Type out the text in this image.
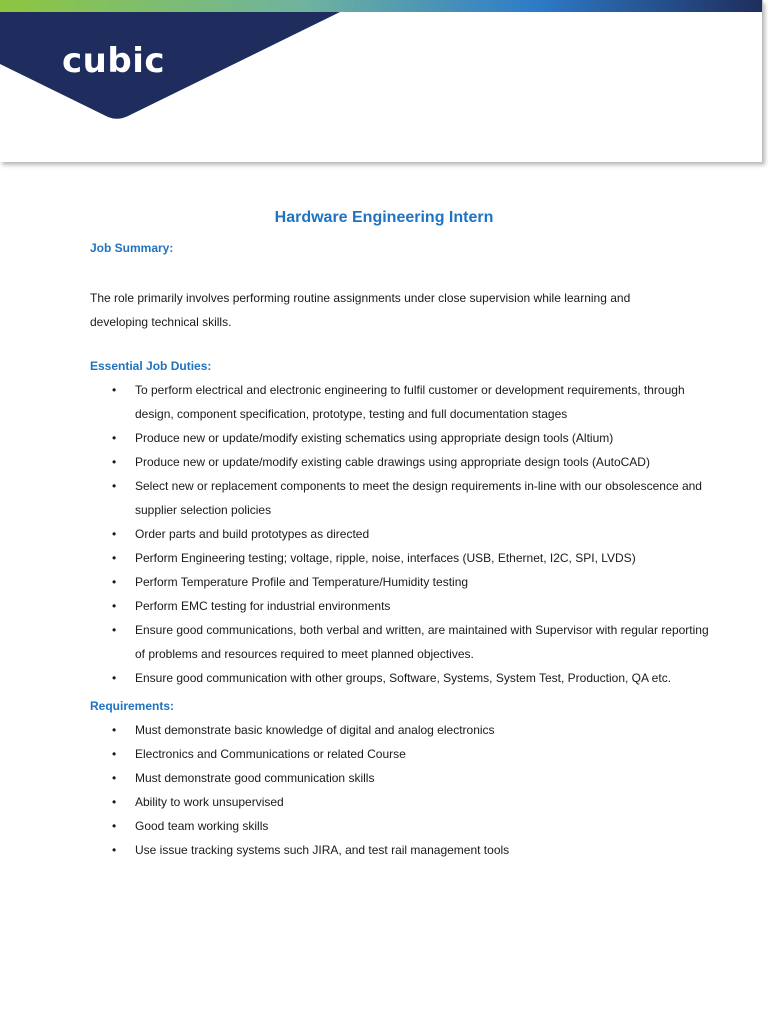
cubic
Hardware Engineering Intern
Job Summary:
The role primarily involves performing routine assignments under close supervision while learning and developing technical skills.
Essential Job Duties:
• To perform electrical and electronic engineering to fulfil customer or development requirements, through design, component specification, prototype, testing and full documentation stages
• Produce new or update/modify existing schematics using appropriate design tools (Altium)
• Produce new or update/modify existing cable drawings using appropriate design tools (AutoCAD)
• Select new or replacement components to meet the design requirements in-line with our obsolescence and supplier selection policies
• Order parts and build prototypes as directed
• Perform Engineering testing; voltage, ripple, noise, interfaces (USB, Ethernet, I2C, SPI, LVDS)
• Perform Temperature Profile and Temperature/Humidity testing
• Perform EMC testing for industrial environments
• Ensure good communications, both verbal and written, are maintained with Supervisor with regular reporting of problems and resources required to meet planned objectives.
• Ensure good communication with other groups, Software, Systems, System Test, Production, QA etc.
Requirements:
• Must demonstrate basic knowledge of digital and analog electronics
• Electronics and Communications or related Course
• Must demonstrate good communication skills
• Ability to work unsupervised
• Good team working skills
• Use issue tracking systems such JIRA, and test rail management tools
